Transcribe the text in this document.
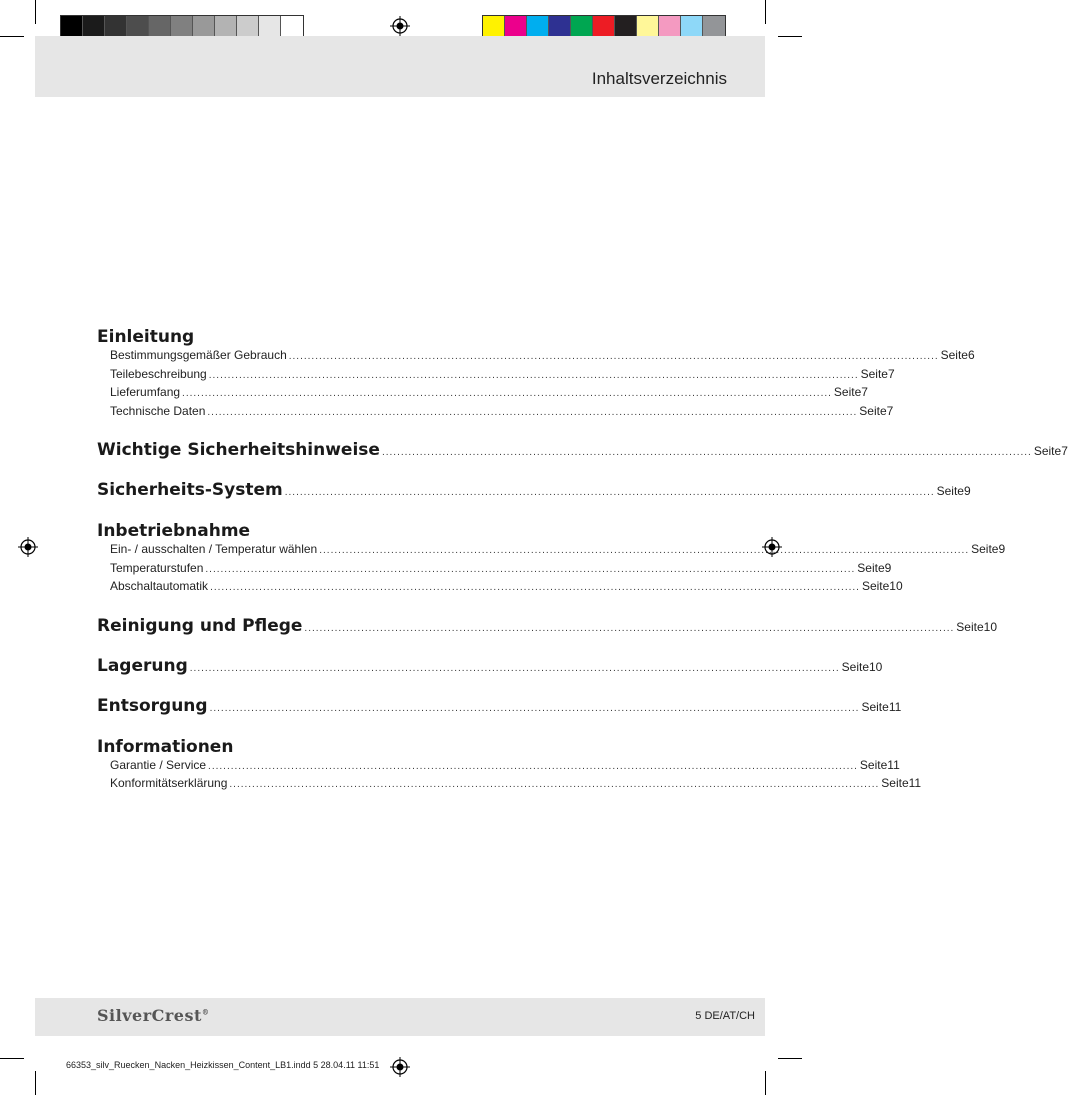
Inhaltsverzeichnis
Einleitung
Bestimmungsgemäßer Gebrauch ............................................................................................................................................................................ Seite 6
Teilebeschreibung ............................................................................................................................................................................ Seite 7
Lieferumfang ............................................................................................................................................................................ Seite 7
Technische Daten ............................................................................................................................................................................ Seite 7
Wichtige Sicherheitshinweise ............................................................................................................................................................................ Seite 7
Sicherheits-System ............................................................................................................................................................................ Seite 9
Inbetriebnahme
Ein- / ausschalten / Temperatur wählen ............................................................................................................................................................................ Seite 9
Temperaturstufen ............................................................................................................................................................................ Seite 9
Abschaltautomatik ............................................................................................................................................................................ Seite 10
Reinigung und Pflege ............................................................................................................................................................................ Seite 10
Lagerung ............................................................................................................................................................................ Seite 10
Entsorgung ............................................................................................................................................................................ Seite 11
Informationen
Garantie / Service ............................................................................................................................................................................ Seite 11
Konformitätserklärung ............................................................................................................................................................................ Seite 11
SilverCrest®	5 DE/AT/CH
66353_silv_Ruecken_Nacken_Heizkissen_Content_LB1.indd 5 28.04.11 11:51
